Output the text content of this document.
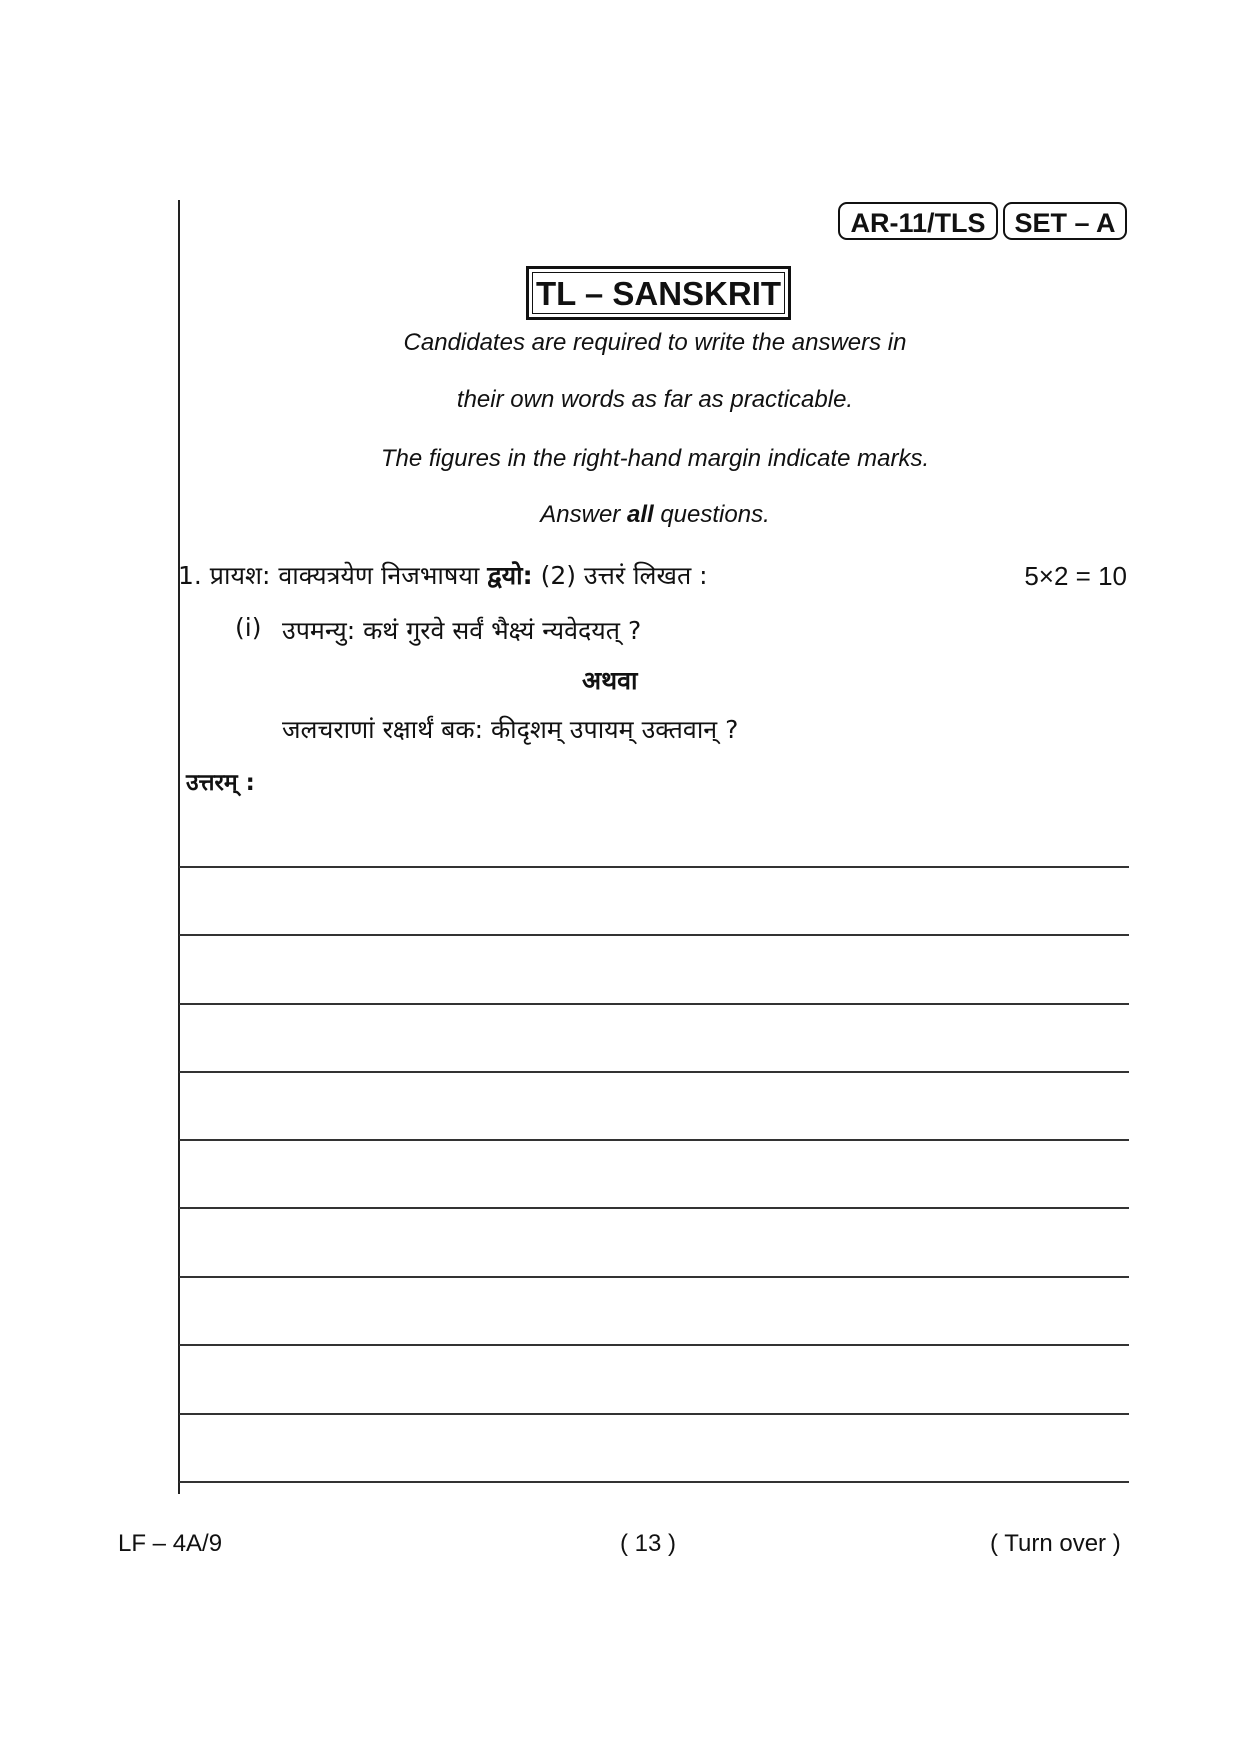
AR-11/TLS	SET – A
TL – SANSKRIT
Candidates are required to write the answers in
their own words as far as practicable.
The figures in the right-hand margin indicate marks.
Answer all questions.
1. प्रायश: वाक्यत्रयेण निजभाषया द्वयो: (2) उत्तरं लिखत :	5×2 = 10
(i) उपमन्यु: कथं गुरवे सर्वं भैक्ष्यं न्यवेदयत् ?
अथवा
जलचराणां रक्षार्थं बक: कीदृशम् उपायम् उक्तवान् ?
उत्तरम् :
LF – 4A/9	( 13 )	( Turn over )
